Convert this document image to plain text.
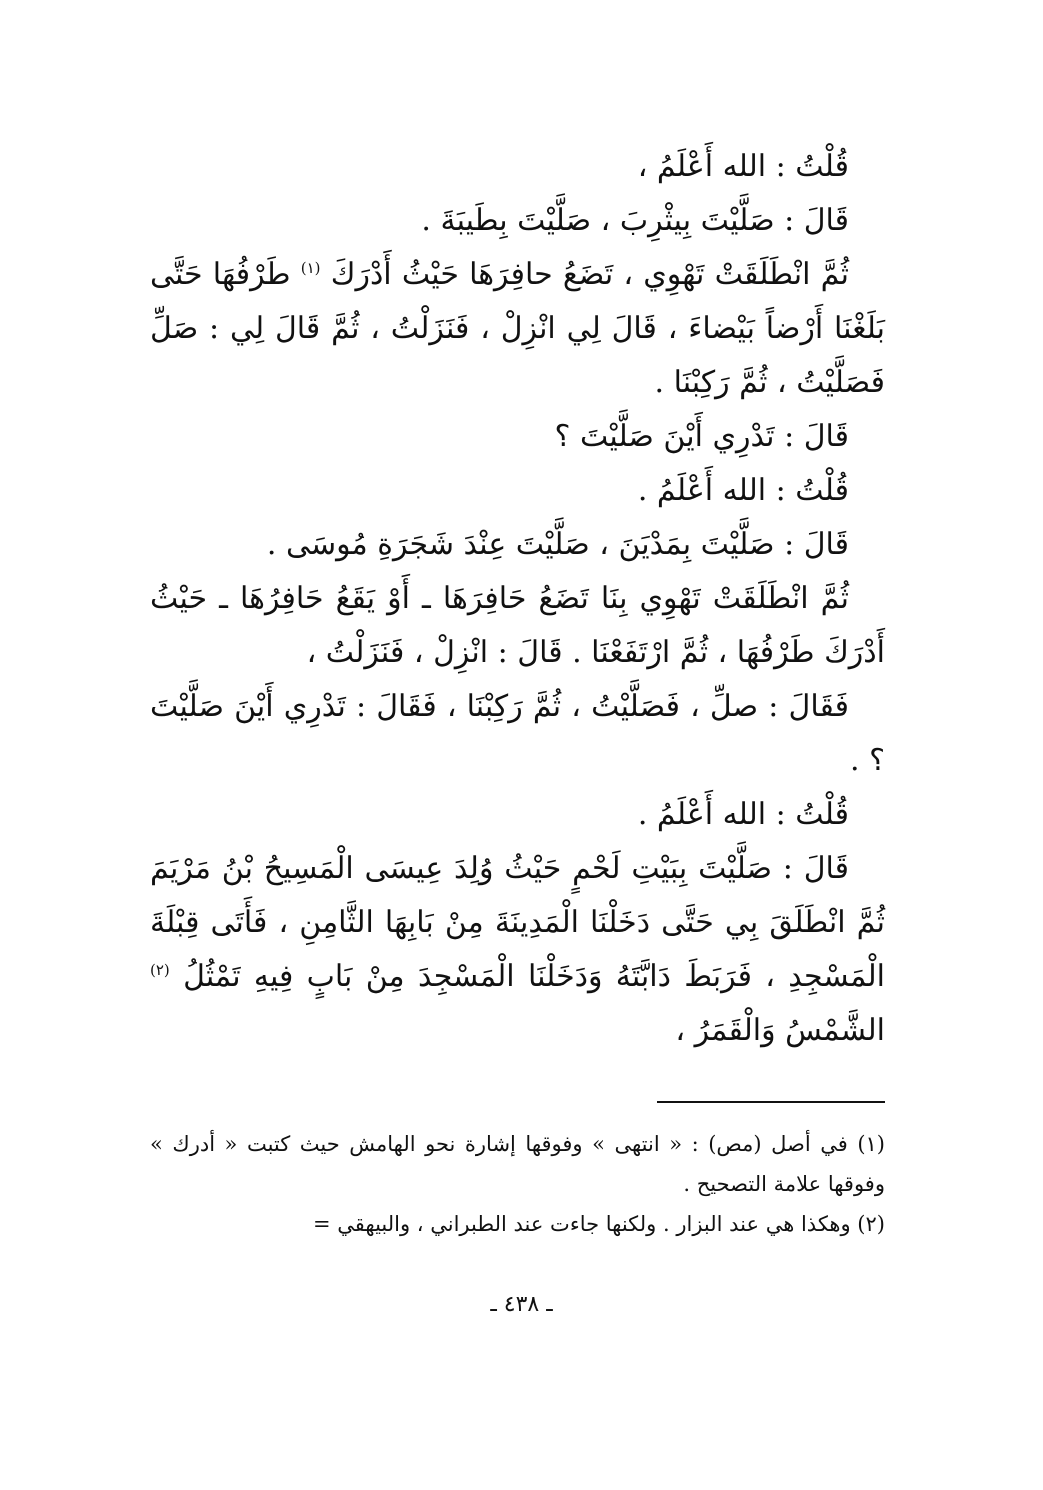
قُلْتُ : الله أَعْلَمُ ،

قَالَ : صَلَّيْتَ بِيثْرِبَ ، صَلَّيْتَ بِطَيبَةَ .

ثُمَّ انْطَلَقَتْ تَهْوِي ، تَضَعُ حافِرَهَا حَيْثُ أَدْرَكَ $^{(١)}$ طَرْفُهَا حَتَّى بَلَغْنَا أَرْضاً بَيْضاءَ ، قَالَ لِي انْزِلْ ، فَنَزَلْتُ ، ثُمَّ قَالَ لِي : صَلِّ فَصَلَّيْتُ ، ثُمَّ رَكِبْنَا .

قَالَ : تَدْرِي أَيْنَ صَلَّيْتَ ؟

قُلْتُ : الله أَعْلَمُ .

قَالَ : صَلَّيْتَ بِمَدْيَنَ ، صَلَّيْتَ عِنْدَ شَجَرَةِ مُوسَى .

ثُمَّ انْطَلَقَتْ تَهْوِي بِنَا تَضَعُ حَافِرَهَا ـ أَوْ يَقَعُ حَافِرُهَا ـ حَيْثُ أَدْرَكَ طَرْفُهَا ، ثُمَّ ارْتَفَعْنَا . قَالَ : انْزِلْ ، فَنَزَلْتُ ،

فَقَالَ : صلِّ ، فَصَلَّيْتُ ، ثُمَّ رَكِبْنَا ، فَقَالَ : تَدْرِي أَيْنَ صَلَّيْتَ ؟ .

قُلْتُ : الله أَعْلَمُ .

قَالَ : صَلَّيْتَ بِبَيْتِ لَحْمٍ حَيْثُ وُلِدَ عِيسَى الْمَسِيحُ بْنُ مَرْيَمَ ثُمَّ انْطَلَقَ بِي حَتَّى دَخَلْنَا الْمَدِينَةَ مِنْ بَابِهَا الثَّامِنِ ، فَأَتَى قِبْلَةَ الْمَسْجِدِ ، فَرَبَطَ دَابَّتَهُ وَدَخَلْنَا الْمَسْجِدَ مِنْ بَابٍ فِيهِ تَمْثُلُ $^{(٢)}$ الشَّمْسُ وَالْقَمَرُ ،

(١) في أصل (مص) : « انتهى » وفوقها إشارة نحو الهامش حيث كتبت « أدرك » وفوقها علامة التصحيح .

(٢) وهكذا هي عند البزار . ولكنها جاءت عند الطبراني ، والبيهقي =

ـ ٤٣٨ ـ
